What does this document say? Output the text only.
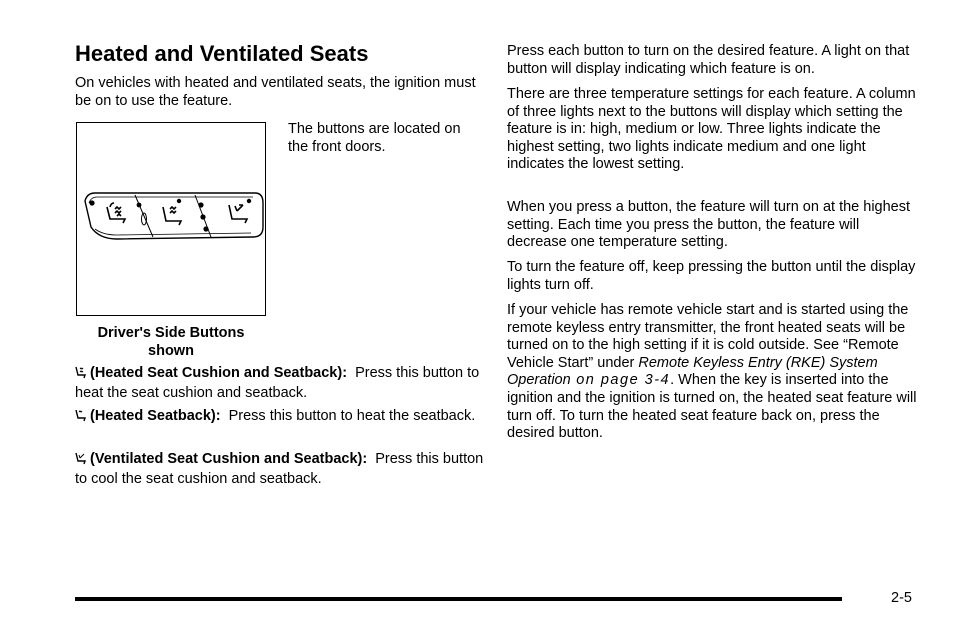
Heated and Ventilated Seats

On vehicles with heated and ventilated seats, the ignition must be on to use the feature.

The buttons are located on the front doors.

Driver's Side Buttons shown

(Heated Seat Cushion and Seatback): Press this button to heat the seat cushion and seatback.

(Heated Seatback): Press this button to heat the seatback.

(Ventilated Seat Cushion and Seatback): Press this button to cool the seat cushion and seatback.

Press each button to turn on the desired feature. A light on that button will display indicating which feature is on.

There are three temperature settings for each feature. A column of three lights next to the buttons will display which setting the feature is in: high, medium or low. Three lights indicate the highest setting, two lights indicate medium and one light indicates the lowest setting.

When you press a button, the feature will turn on at the highest setting. Each time you press the button, the feature will decrease one temperature setting.

To turn the feature off, keep pressing the button until the display lights turn off.

If your vehicle has remote vehicle start and is started using the remote keyless entry transmitter, the front heated seats will be turned on to the high setting if it is cold outside. See “Remote Vehicle Start” under Remote Keyless Entry (RKE) System Operation on page 3-4. When the key is inserted into the ignition and the ignition is turned on, the heated seat feature will turn off. To turn the heated seat feature back on, press the desired button.

2-5
